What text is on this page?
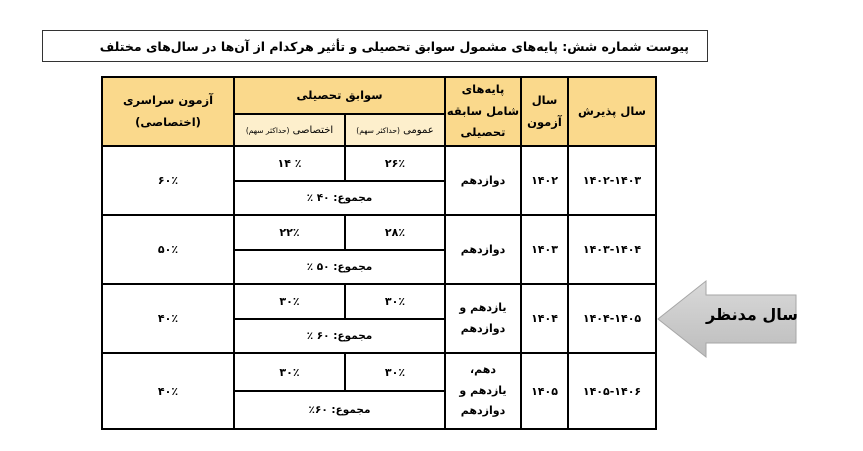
پیوست شماره شش: پایه‌های مشمول سوابق تحصیلی و تأثیر هرکدام از آن‌ها در سال‌های مختلف
سال پذیرش	سال آزمون	پایه‌های شامل سابقه تحصیلی	سوابق تحصیلی		آزمون سراسری
(اختصاصی)

			عمومی (حداکثر سهم)	اختصاصی (حداکثر سهم)	
۱۴۰۲-۱۴۰۳	۱۴۰۲	دوازدهم	۲۶٪	٪ ۱۴	۶۰٪
			مجموع: ۴۰ ٪		
۱۴۰۳-۱۴۰۴	۱۴۰۳	دوازدهم	۲۸٪	۲۲٪	۵۰٪
			مجموع: ۵۰ ٪		
۱۴۰۴-۱۴۰۵	۱۴۰۴	یازدهم و دوازدهم	۳۰٪	۳۰٪	۴۰٪
			مجموع: ۶۰ ٪		
۱۴۰۵-۱۴۰۶	۱۴۰۵	دهم، یازدهم و دوازدهم	۳۰٪	۳۰٪	۴۰٪
			مجموع: ۶۰٪		
سال مدنظر
